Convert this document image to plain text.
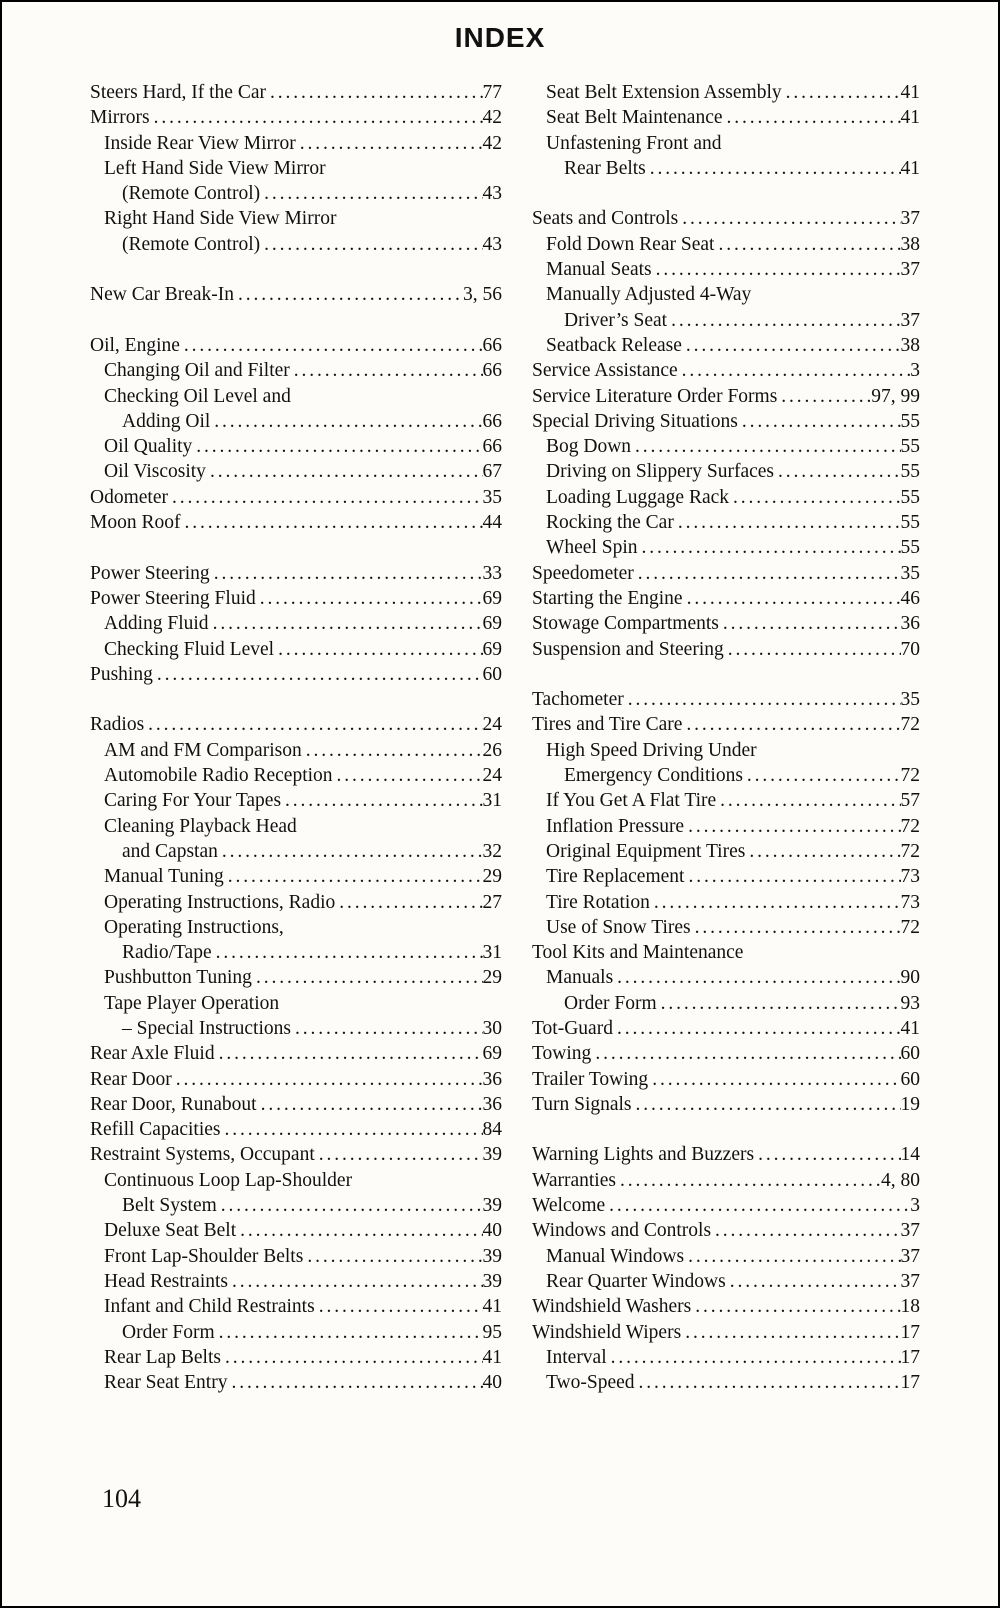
INDEX
Steers Hard, If the Car . . .	77
Mirrors . . .	42
Inside Rear View Mirror . . .	42
Left Hand Side View Mirror
(Remote Control) . . .	43
Right Hand Side View Mirror
(Remote Control) . . .	43
New Car Break-In . . .	3, 56
Oil, Engine . . .	66
Changing Oil and Filter . . .	66
Checking Oil Level and
Adding Oil . . .	66
Oil Quality . . .	66
Oil Viscosity . . .	67
Odometer . . .	35
Moon Roof . . .	44
Power Steering . . .	33
Power Steering Fluid . . .	69
Adding Fluid . . .	69
Checking Fluid Level . . .	69
Pushing . . .	60
Radios . . .	24
AM and FM Comparison . . .	26
Automobile Radio Reception . . .	24
Caring For Your Tapes . . .	31
Cleaning Playback Head
and Capstan . . .	32
Manual Tuning . . .	29
Operating Instructions, Radio . . .	27
Operating Instructions,
Radio/Tape . . .	31
Pushbutton Tuning . . .	29
Tape Player Operation
– Special Instructions . . .	30
Rear Axle Fluid . . .	69
Rear Door . . .	36
Rear Door, Runabout . . .	36
Refill Capacities . . .	84
Restraint Systems, Occupant . . .	39
Continuous Loop Lap-Shoulder
Belt System . . .	39
Deluxe Seat Belt . . .	40
Front Lap-Shoulder Belts . . .	39
Head Restraints . . .	39
Infant and Child Restraints . . .	41
Order Form . . .	95
Rear Lap Belts . . .	41
Rear Seat Entry . . .	40
Seat Belt Extension Assembly . . .	41
Seat Belt Maintenance . . .	41
Unfastening Front and
Rear Belts . . .	41
Seats and Controls . . .	37
Fold Down Rear Seat . . .	38
Manual Seats . . .	37
Manually Adjusted 4-Way
Driver’s Seat . . .	37
Seatback Release . . .	38
Service Assistance . . .	3
Service Literature Order Forms . . .	97, 99
Special Driving Situations . . .	55
Bog Down . . .	55
Driving on Slippery Surfaces . . .	55
Loading Luggage Rack . . .	55
Rocking the Car . . .	55
Wheel Spin . . .	55
Speedometer . . .	35
Starting the Engine . . .	46
Stowage Compartments . . .	36
Suspension and Steering . . .	70
Tachometer . . .	35
Tires and Tire Care . . .	72
High Speed Driving Under
Emergency Conditions . . .	72
If You Get A Flat Tire . . .	57
Inflation Pressure . . .	72
Original Equipment Tires . . .	72
Tire Replacement . . .	73
Tire Rotation . . .	73
Use of Snow Tires . . .	72
Tool Kits and Maintenance
Manuals . . .	90
Order Form . . .	93
Tot-Guard . . .	41
Towing . . .	60
Trailer Towing . . .	60
Turn Signals . . .	19
Warning Lights and Buzzers . . .	14
Warranties . . .	4, 80
Welcome . . .	3
Windows and Controls . . .	37
Manual Windows . . .	37
Rear Quarter Windows . . .	37
Windshield Washers . . .	18
Windshield Wipers . . .	17
Interval . . .	17
Two-Speed . . .	17
104
